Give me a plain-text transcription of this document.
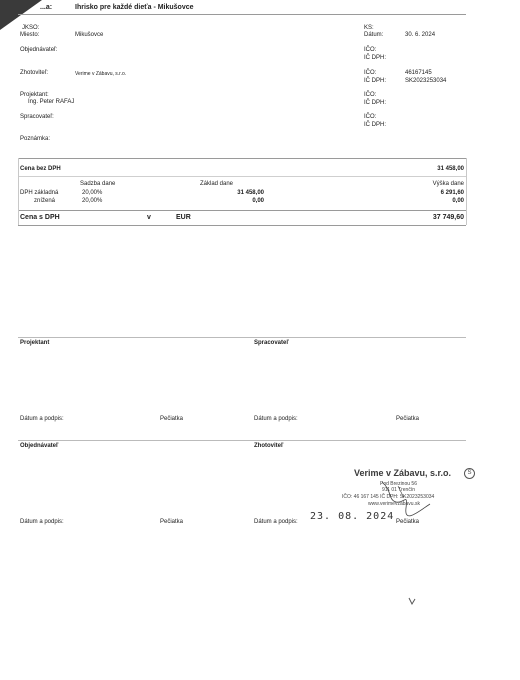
...a:	Ihrisko pre každé dieťa - Mikušovce
JKSO:
Miesto:	Mikušovce
Objednávateľ:
Zhotoviteľ:	Verime v Zábavu, s.r.o.
Projektant:
Ing. Peter RAFAJ
Spracovateľ:
Poznámka:
KS:
Dátum:	30. 6. 2024
IČO:
IČ DPH:
IČO:	46167145
IČ DPH:	SK2023253034
IČO:
IČ DPH:
IČO:
IČ DPH:
Cena bez DPH	31 458,00
Sadzba dane	Základ dane	Výška dane
DPH základná	20,00%	31 458,00	6 291,60
znížená	20,00%	0,00	0,00
Cena s DPH	v	EUR	37 749,60
Projektant	Spracovateľ
Dátum a podpis:	Pečiatka	Dátum a podpis:	Pečiatka
Objednávateľ	Zhotoviteľ
Dátum a podpis:	Pečiatka	Dátum a podpis:	Pečiatka
Verime v Zábavu, s.r.o.	S
Pod Brezinou 56
911 01 Trenčín
IČO: 46 167 145 IČ DPH: SK2023253034
www.verimevzabavu.sk
23. 08. 2024
